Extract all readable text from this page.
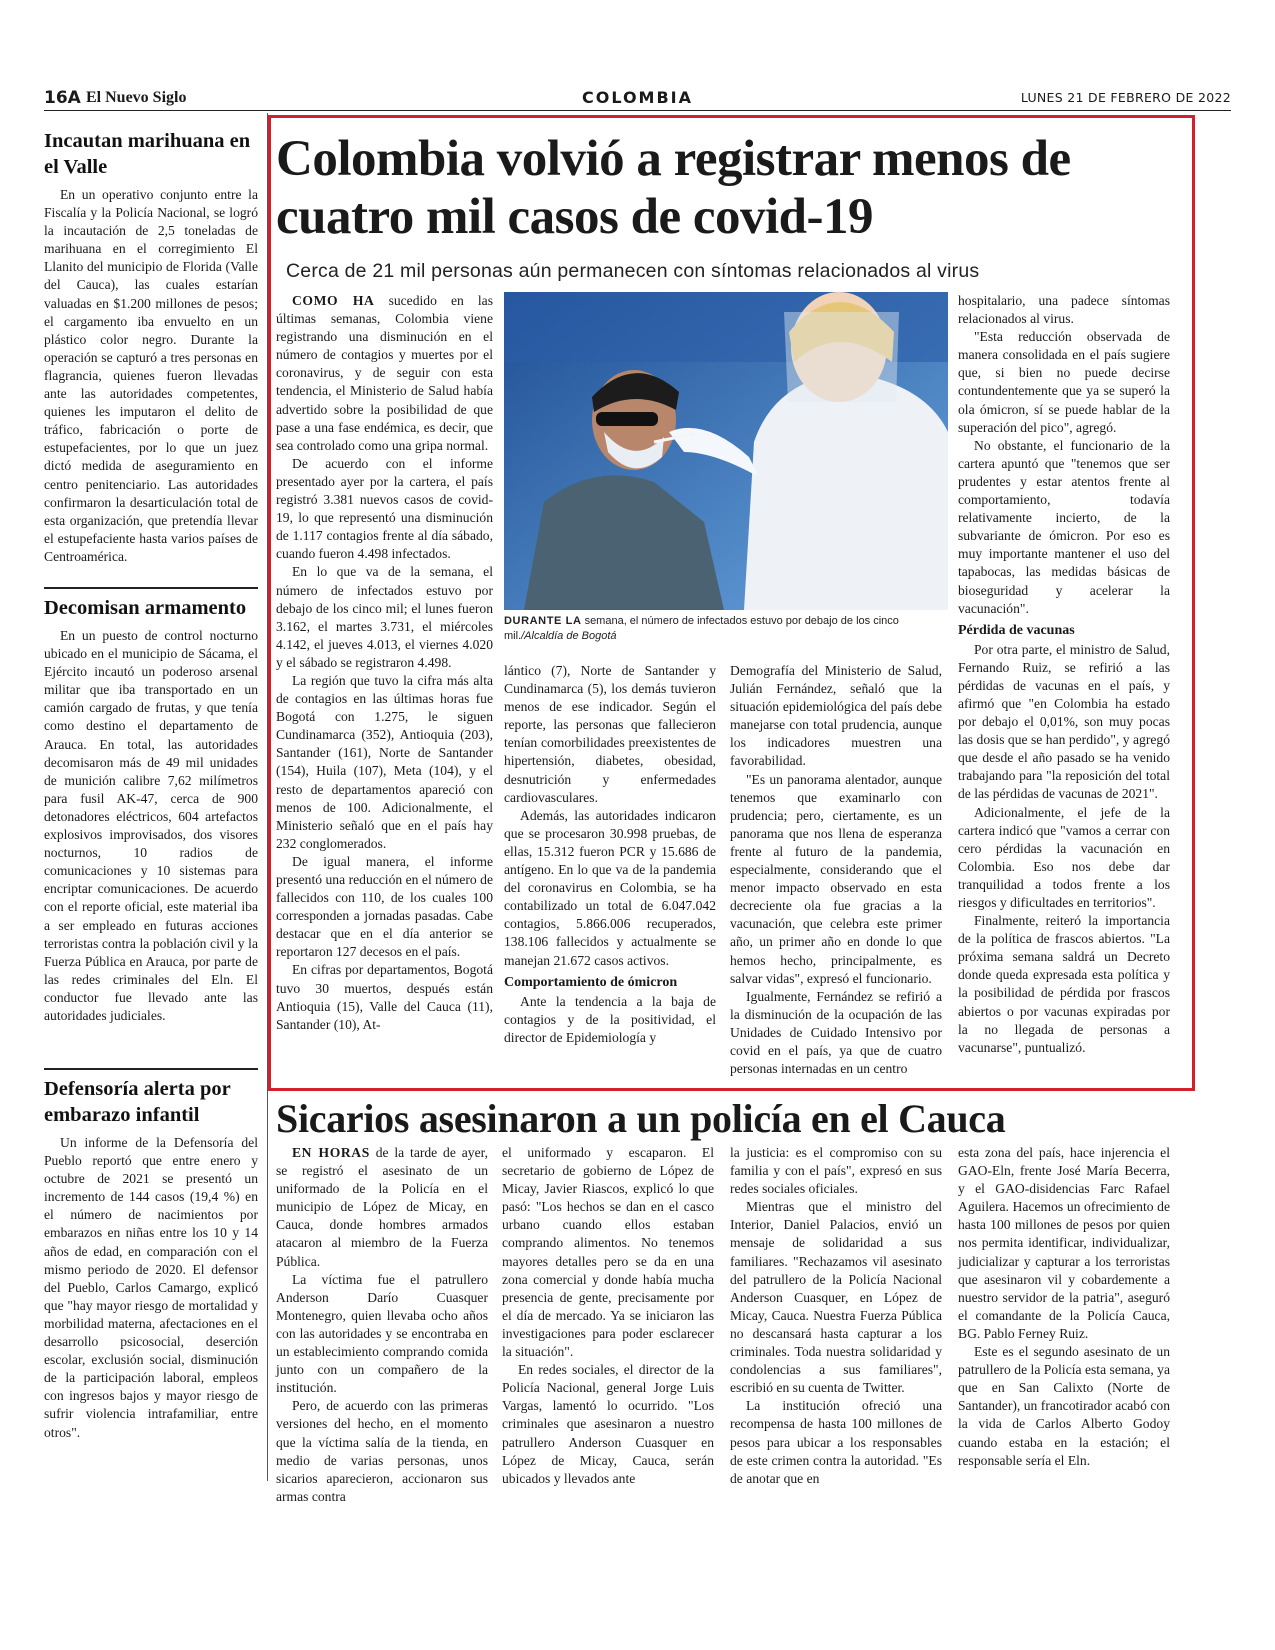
16A El Nuevo Siglo	COLOMBIA	LUNES 21 DE FEBRERO DE 2022
Incautan marihuana en el Valle

En un operativo conjunto entre la Fiscalía y la Policía Nacional, se logró la incautación de 2,5 toneladas de marihuana en el corregimiento El Llanito del municipio de Florida (Valle del Cauca), las cuales estarían valuadas en $1.200 millones de pesos; el cargamento iba envuelto en un plástico color negro. Durante la operación se capturó a tres personas en flagrancia, quienes fueron llevadas ante las autoridades competentes, quienes les imputaron el delito de tráfico, fabricación o porte de estupefacientes, por lo que un juez dictó medida de aseguramiento en centro penitenciario. Las autoridades confirmaron la desarticulación total de esta organización, que pretendía llevar el estupefaciente hasta varios países de Centroamérica.

Decomisan armamento

En un puesto de control nocturno ubicado en el municipio de Sácama, el Ejército incautó un poderoso arsenal militar que iba transportado en un camión cargado de frutas, y que tenía como destino el departamento de Arauca. En total, las autoridades decomisaron más de 49 mil unidades de munición calibre 7,62 milímetros para fusil AK-47, cerca de 900 detonadores eléctricos, 604 artefactos explosivos improvisados, dos visores nocturnos, 10 radios de comunicaciones y 10 sistemas para encriptar comunicaciones. De acuerdo con el reporte oficial, este material iba a ser empleado en futuras acciones terroristas contra la población civil y la Fuerza Pública en Arauca, por parte de las redes criminales del Eln. El conductor fue llevado ante las autoridades judiciales.

Defensoría alerta por embarazo infantil

Un informe de la Defensoría del Pueblo reportó que entre enero y octubre de 2021 se presentó un incremento de 144 casos (19,4 %) en el número de nacimientos por embarazos en niñas entre los 10 y 14 años de edad, en comparación con el mismo periodo de 2020. El defensor del Pueblo, Carlos Camargo, explicó que "hay mayor riesgo de mortalidad y morbilidad materna, afectaciones en el desarrollo psicosocial, deserción escolar, exclusión social, disminución de la participación laboral, empleos con ingresos bajos y mayor riesgo de sufrir violencia intrafamiliar, entre otros".

Colombia volvió a registrar menos de cuatro mil casos de covid-19
Cerca de 21 mil personas aún permanecen con síntomas relacionados al virus

COMO HA sucedido en las últimas semanas, Colombia viene registrando una disminución en el número de contagios y muertes por el coronavirus, y de seguir con esta tendencia, el Ministerio de Salud había advertido sobre la posibilidad de que pase a una fase endémica, es decir, que sea controlado como una gripa normal.

De acuerdo con el informe presentado ayer por la cartera, el país registró 3.381 nuevos casos de covid-19, lo que representó una disminución de 1.117 contagios frente al día sábado, cuando fueron 4.498 infectados.

En lo que va de la semana, el número de infectados estuvo por debajo de los cinco mil; el lunes fueron 3.162, el martes 3.731, el miércoles 4.142, el jueves 4.013, el viernes 4.020 y el sábado se registraron 4.498.

La región que tuvo la cifra más alta de contagios en las últimas horas fue Bogotá con 1.275, le siguen Cundinamarca (352), Antioquia (203), Santander (161), Norte de Santander (154), Huila (107), Meta (104), y el resto de departamentos apareció con menos de 100. Adicionalmente, el Ministerio señaló que en el país hay 232 conglomerados.

De igual manera, el informe presentó una reducción en el número de fallecidos con 110, de los cuales 100 corresponden a jornadas pasadas. Cabe destacar que en el día anterior se reportaron 127 decesos en el país.

En cifras por departamentos, Bogotá tuvo 30 muertos, después están Antioquia (15), Valle del Cauca (11), Santander (10), At-

DURANTE LA semana, el número de infectados estuvo por debajo de los cinco mil./Alcaldía de Bogotá

lántico (7), Norte de Santander y Cundinamarca (5), los demás tuvieron menos de ese indicador. Según el reporte, las personas que fallecieron tenían comorbilidades preexistentes de hipertensión, diabetes, obesidad, desnutrición y enfermedades cardiovasculares.

Además, las autoridades indicaron que se procesaron 30.998 pruebas, de ellas, 15.312 fueron PCR y 15.686 de antígeno. En lo que va de la pandemia del coronavirus en Colombia, se ha contabilizado un total de 6.047.042 contagios, 5.866.006 recuperados, 138.106 fallecidos y actualmente se manejan 21.672 casos activos.

Comportamiento de ómicron

Ante la tendencia a la baja de contagios y de la positividad, el director de Epidemiología y

Demografía del Ministerio de Salud, Julián Fernández, señaló que la situación epidemiológica del país debe manejarse con total prudencia, aunque los indicadores muestren una favorabilidad.

"Es un panorama alentador, aunque tenemos que examinarlo con prudencia; pero, ciertamente, es un panorama que nos llena de esperanza frente al futuro de la pandemia, especialmente, considerando que el menor impacto observado en esta decreciente ola fue gracias a la vacunación, que celebra este primer año, un primer año en donde lo que hemos hecho, principalmente, es salvar vidas", expresó el funcionario.

Igualmente, Fernández se refirió a la disminución de la ocupación de las Unidades de Cuidado Intensivo por covid en el país, ya que de cuatro personas internadas en un centro

hospitalario, una padece síntomas relacionados al virus.

"Esta reducción observada de manera consolidada en el país sugiere que, si bien no puede decirse contundentemente que ya se superó la ola ómicron, sí se puede hablar de la superación del pico", agregó.

No obstante, el funcionario de la cartera apuntó que "tenemos que ser prudentes y estar atentos frente al comportamiento, todavía relativamente incierto, de la subvariante de ómicron. Por eso es muy importante mantener el uso del tapabocas, las medidas básicas de bioseguridad y acelerar la vacunación".

Pérdida de vacunas

Por otra parte, el ministro de Salud, Fernando Ruiz, se refirió a las pérdidas de vacunas en el país, y afirmó que "en Colombia ha estado por debajo el 0,01%, son muy pocas las dosis que se han perdido", y agregó que desde el año pasado se ha venido trabajando para "la reposición del total de las pérdidas de vacunas de 2021".

Adicionalmente, el jefe de la cartera indicó que "vamos a cerrar con cero pérdidas la vacunación en Colombia. Eso nos debe dar tranquilidad a todos frente a los riesgos y dificultades en territorios".

Finalmente, reiteró la importancia de la política de frascos abiertos. "La próxima semana saldrá un Decreto donde queda expresada esta política y la posibilidad de pérdida por frascos abiertos o por vacunas expiradas por la no llegada de personas a vacunarse", puntualizó.

Sicarios asesinaron a un policía en el Cauca

EN HORAS de la tarde de ayer, se registró el asesinato de un uniformado de la Policía en el municipio de López de Micay, en Cauca, donde hombres armados atacaron al miembro de la Fuerza Pública.

La víctima fue el patrullero Anderson Darío Cuasquer Montenegro, quien llevaba ocho años con las autoridades y se encontraba en un establecimiento comprando comida junto con un compañero de la institución.

Pero, de acuerdo con las primeras versiones del hecho, en el momento que la víctima salía de la tienda, en medio de varias personas, unos sicarios aparecieron, accionaron sus armas contra

el uniformado y escaparon. El secretario de gobierno de López de Micay, Javier Riascos, explicó lo que pasó: "Los hechos se dan en el casco urbano cuando ellos estaban comprando alimentos. No tenemos mayores detalles pero se da en una zona comercial y donde había mucha presencia de gente, precisamente por el día de mercado. Ya se iniciaron las investigaciones para poder esclarecer la situación".

En redes sociales, el director de la Policía Nacional, general Jorge Luis Vargas, lamentó lo ocurrido. "Los criminales que asesinaron a nuestro patrullero Anderson Cuasquer en López de Micay, Cauca, serán ubicados y llevados ante

la justicia: es el compromiso con su familia y con el país", expresó en sus redes sociales oficiales.

Mientras que el ministro del Interior, Daniel Palacios, envió un mensaje de solidaridad a sus familiares. "Rechazamos vil asesinato del patrullero de la Policía Nacional Anderson Cuasquer, en López de Micay, Cauca. Nuestra Fuerza Pública no descansará hasta capturar a los criminales. Toda nuestra solidaridad y condolencias a sus familiares", escribió en su cuenta de Twitter.

La institución ofreció una recompensa de hasta 100 millones de pesos para ubicar a los responsables de este crimen contra la autoridad. "Es de anotar que en

esta zona del país, hace injerencia el GAO-Eln, frente José María Becerra, y el GAO-disidencias Farc Rafael Aguilera. Hacemos un ofrecimiento de hasta 100 millones de pesos por quien nos permita identificar, individualizar, judicializar y capturar a los terroristas que asesinaron vil y cobardemente a nuestro servidor de la patria", aseguró el comandante de la Policía Cauca, BG. Pablo Ferney Ruiz.

Este es el segundo asesinato de un patrullero de la Policía esta semana, ya que en San Calixto (Norte de Santander), un francotirador acabó con la vida de Carlos Alberto Godoy cuando estaba en la estación; el responsable sería el Eln.
